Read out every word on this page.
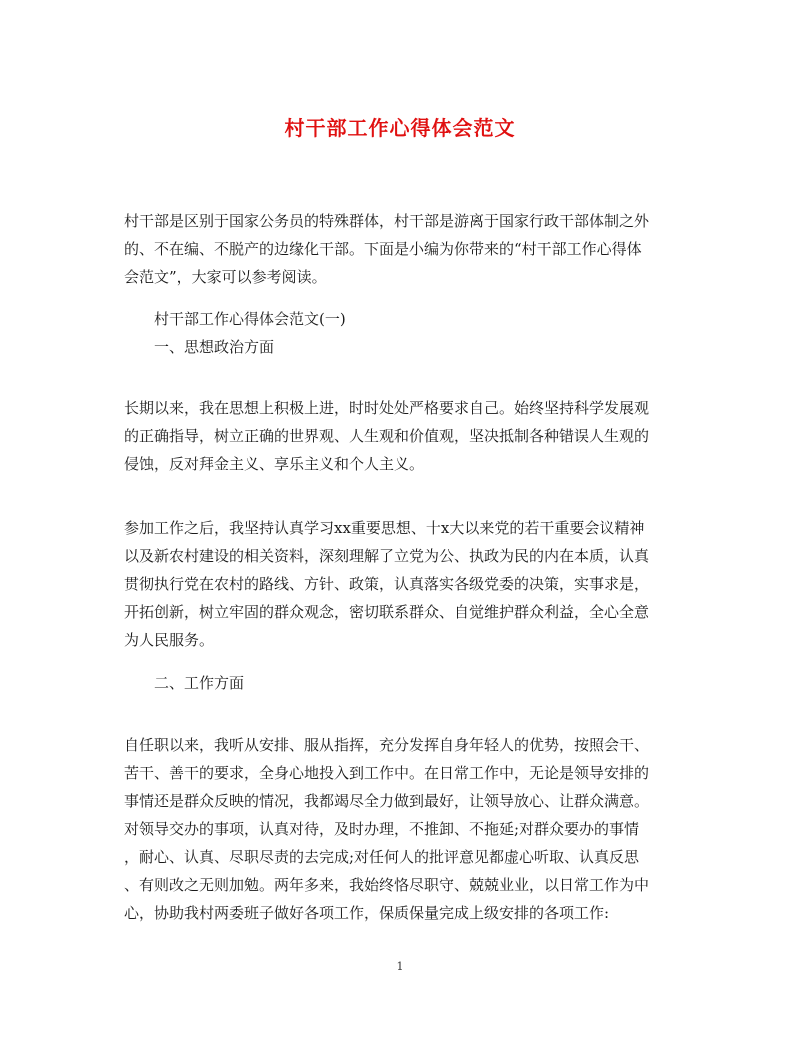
村干部工作心得体会范文
村干部是区别于国家公务员的特殊群体，村干部是游离于国家行政干部体制之外
的、不在编、不脱产的边缘化干部。下面是小编为你带来的“村干部工作心得体
会范文”，大家可以参考阅读。
村干部工作心得体会范文(一)
一、思想政治方面
长期以来，我在思想上积极上进，时时处处严格要求自己。始终坚持科学发展观
的正确指导，树立正确的世界观、人生观和价值观，坚决抵制各种错误人生观的
侵蚀，反对拜金主义、享乐主义和个人主义。
参加工作之后，我坚持认真学习xx重要思想、十x大以来党的若干重要会议精神
以及新农村建设的相关资料，深刻理解了立党为公、执政为民的内在本质，认真
贯彻执行党在农村的路线、方针、政策，认真落实各级党委的决策，实事求是，
开拓创新，树立牢固的群众观念，密切联系群众、自觉维护群众利益，全心全意
为人民服务。
二、工作方面
自任职以来，我听从安排、服从指挥，充分发挥自身年轻人的优势，按照会干、
苦干、善干的要求，全身心地投入到工作中。在日常工作中，无论是领导安排的
事情还是群众反映的情况，我都竭尽全力做到最好，让领导放心、让群众满意。
对领导交办的事项，认真对待，及时办理，不推卸、不拖延;对群众要办的事情
，耐心、认真、尽职尽责的去完成;对任何人的批评意见都虚心听取、认真反思
、有则改之无则加勉。两年多来，我始终恪尽职守、兢兢业业，以日常工作为中
心，协助我村两委班子做好各项工作，保质保量完成上级安排的各项工作:
1
